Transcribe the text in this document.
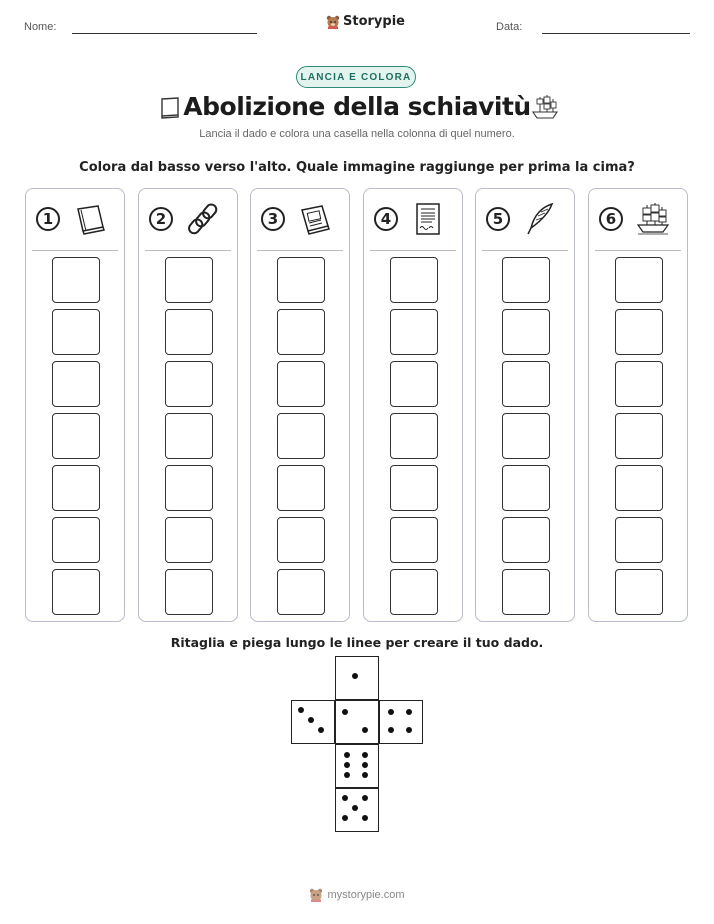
Nome:	Storypie	Data:
LANCIA E COLORA
Abolizione della schiavitù
Lancia il dado e colora una casella nella colonna di quel numero.
Colora dal basso verso l'alto. Quale immagine raggiunge per prima la cima?
1	2	3	4	5	6
Ritaglia e piega lungo le linee per creare il tuo dado.
mystorypie.com
